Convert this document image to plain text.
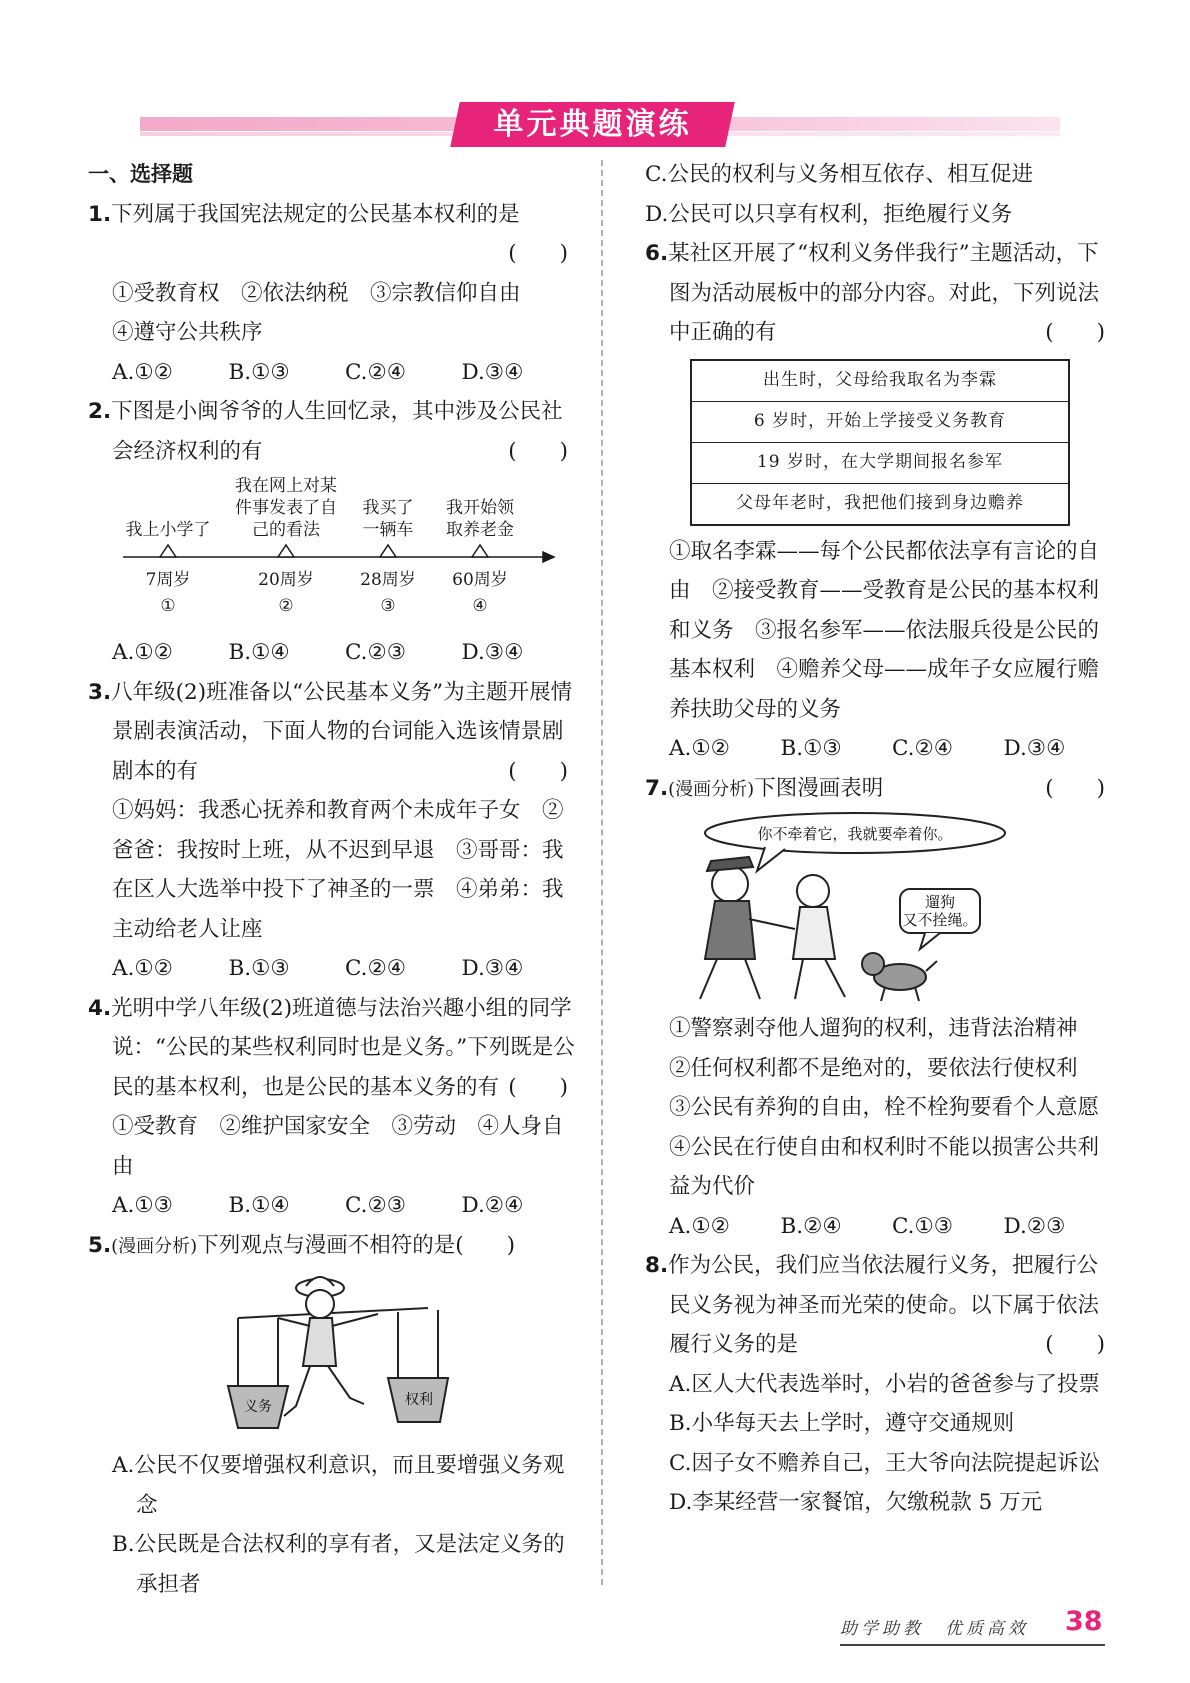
单元典题演练

一、选择题

1.下列属于我国宪法规定的公民基本权利的是

(　　)

①受教育权　②依法纳税　③宗教信仰自由

④遵守公共秩序

A.①②	B.①③	C.②④	D.③④

2.下图是小闽爷爷的人生回忆录，其中涉及公民社会经济权利的有	(　　)

我在网上对某
件事发表了自
己的看法
我上小学了
我买了
一辆车
我开始领
取养老金
7周岁	20周岁	28周岁 60周岁
①	②	③	④
A.①②	B.①④	C.②③	D.③④

3.八年级(2)班准备以“公民基本义务”为主题开展情景剧表演活动，下面人物的台词能入选该情景剧剧本的有	(　　)

①妈妈：我悉心抚养和教育两个未成年子女　②爸爸：我按时上班，从不迟到早退　③哥哥：我在区人大选举中投下了神圣的一票　④弟弟：我主动给老人让座

A.①②	B.①③	C.②④	D.③④

4.光明中学八年级(2)班道德与法治兴趣小组的同学说：“公民的某些权利同时也是义务。”下列既是公民的基本权利，也是公民的基本义务的有 (　　)

①受教育　②维护国家安全　③劳动　④人身自由

A.①③	B.①④	C.②③	D.②④

5.(漫画分析)下列观点与漫画不相符的是(　　)

义务	权利

A.公民不仅要增强权利意识，而且要增强义务观念

B.公民既是合法权利的享有者，又是法定义务的承担者

C.公民的权利与义务相互依存、相互促进

D.公民可以只享有权利，拒绝履行义务

6.某社区开展了“权利义务伴我行”主题活动，下图为活动展板中的部分内容。对此，下列说法中正确的有	(　　)

出生时，父母给我取名为李霖
6 岁时，开始上学接受义务教育
19 岁时，在大学期间报名参军
父母年老时，我把他们接到身边赡养

①取名李霖——每个公民都依法享有言论的自由　②接受教育——受教育是公民的基本权利和义务　③报名参军——依法服兵役是公民的基本权利　④赡养父母——成年子女应履行赡养扶助父母的义务

A.①②	B.①③	C.②④	D.③④

7.(漫画分析)下图漫画表明	(　　)

你不牵着它，我就要牵着你。
遛狗
又不拴绳。

①警察剥夺他人遛狗的权利，违背法治精神　②任何权利都不是绝对的，要依法行使权利　③公民有养狗的自由，栓不栓狗要看个人意愿　④公民在行使自由和权利时不能以损害公共利益为代价

A.①②	B.②④	C.①③	D.②③

8.作为公民，我们应当依法履行义务，把履行公民义务视为神圣而光荣的使命。以下属于依法履行义务的是	(　　)

A.区人大代表选举时，小岩的爸爸参与了投票

B.小华每天去上学时，遵守交通规则

C.因子女不赡养自己，王大爷向法院提起诉讼

D.李某经营一家餐馆，欠缴税款 5 万元

助学助教　优质高效 38
